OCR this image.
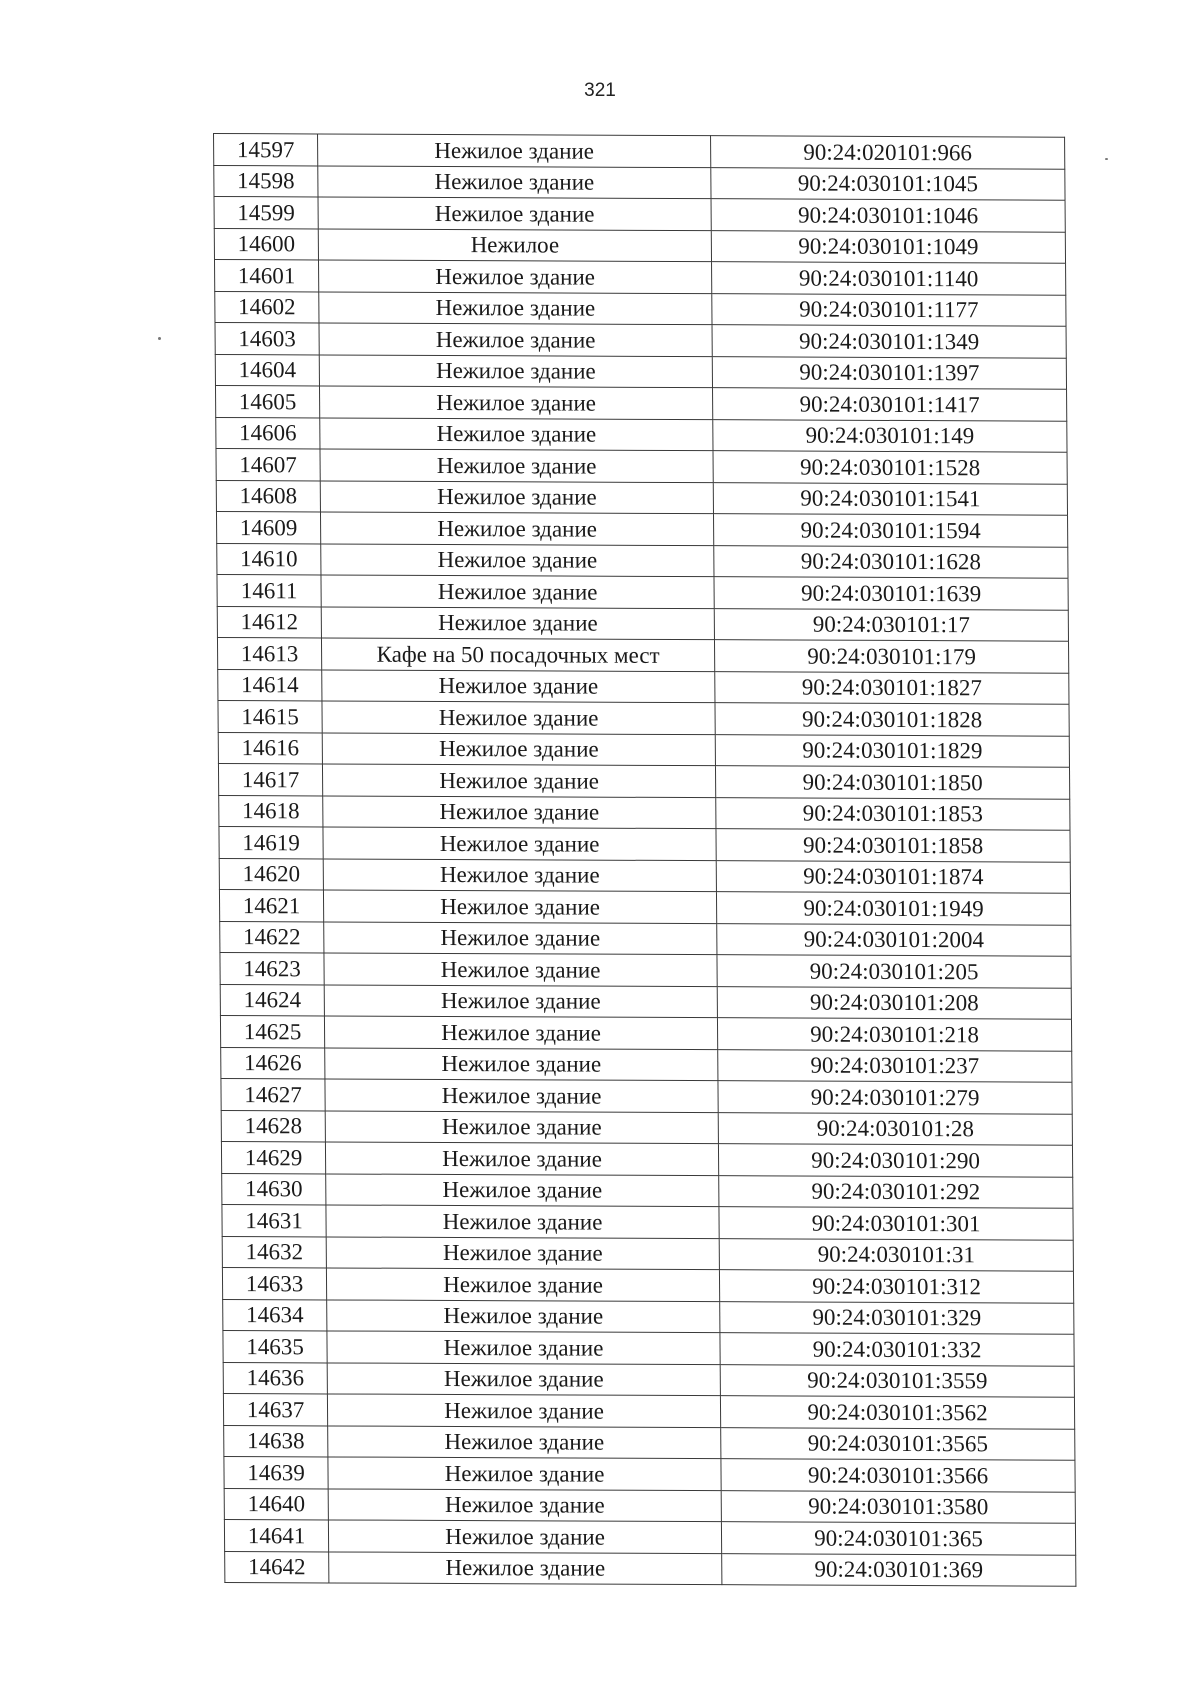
321
14597	Нежилое здание	90:24:020101:966
14598	Нежилое здание	90:24:030101:1045
14599	Нежилое здание	90:24:030101:1046
14600	Нежилое	90:24:030101:1049
14601	Нежилое здание	90:24:030101:1140
14602	Нежилое здание	90:24:030101:1177
14603	Нежилое здание	90:24:030101:1349
14604	Нежилое здание	90:24:030101:1397
14605	Нежилое здание	90:24:030101:1417
14606	Нежилое здание	90:24:030101:149
14607	Нежилое здание	90:24:030101:1528
14608	Нежилое здание	90:24:030101:1541
14609	Нежилое здание	90:24:030101:1594
14610	Нежилое здание	90:24:030101:1628
14611	Нежилое здание	90:24:030101:1639
14612	Нежилое здание	90:24:030101:17
14613	Кафе на 50 посадочных мест	90:24:030101:179
14614	Нежилое здание	90:24:030101:1827
14615	Нежилое здание	90:24:030101:1828
14616	Нежилое здание	90:24:030101:1829
14617	Нежилое здание	90:24:030101:1850
14618	Нежилое здание	90:24:030101:1853
14619	Нежилое здание	90:24:030101:1858
14620	Нежилое здание	90:24:030101:1874
14621	Нежилое здание	90:24:030101:1949
14622	Нежилое здание	90:24:030101:2004
14623	Нежилое здание	90:24:030101:205
14624	Нежилое здание	90:24:030101:208
14625	Нежилое здание	90:24:030101:218
14626	Нежилое здание	90:24:030101:237
14627	Нежилое здание	90:24:030101:279
14628	Нежилое здание	90:24:030101:28
14629	Нежилое здание	90:24:030101:290
14630	Нежилое здание	90:24:030101:292
14631	Нежилое здание	90:24:030101:301
14632	Нежилое здание	90:24:030101:31
14633	Нежилое здание	90:24:030101:312
14634	Нежилое здание	90:24:030101:329
14635	Нежилое здание	90:24:030101:332
14636	Нежилое здание	90:24:030101:3559
14637	Нежилое здание	90:24:030101:3562
14638	Нежилое здание	90:24:030101:3565
14639	Нежилое здание	90:24:030101:3566
14640	Нежилое здание	90:24:030101:3580
14641	Нежилое здание	90:24:030101:365
14642	Нежилое здание	90:24:030101:369
